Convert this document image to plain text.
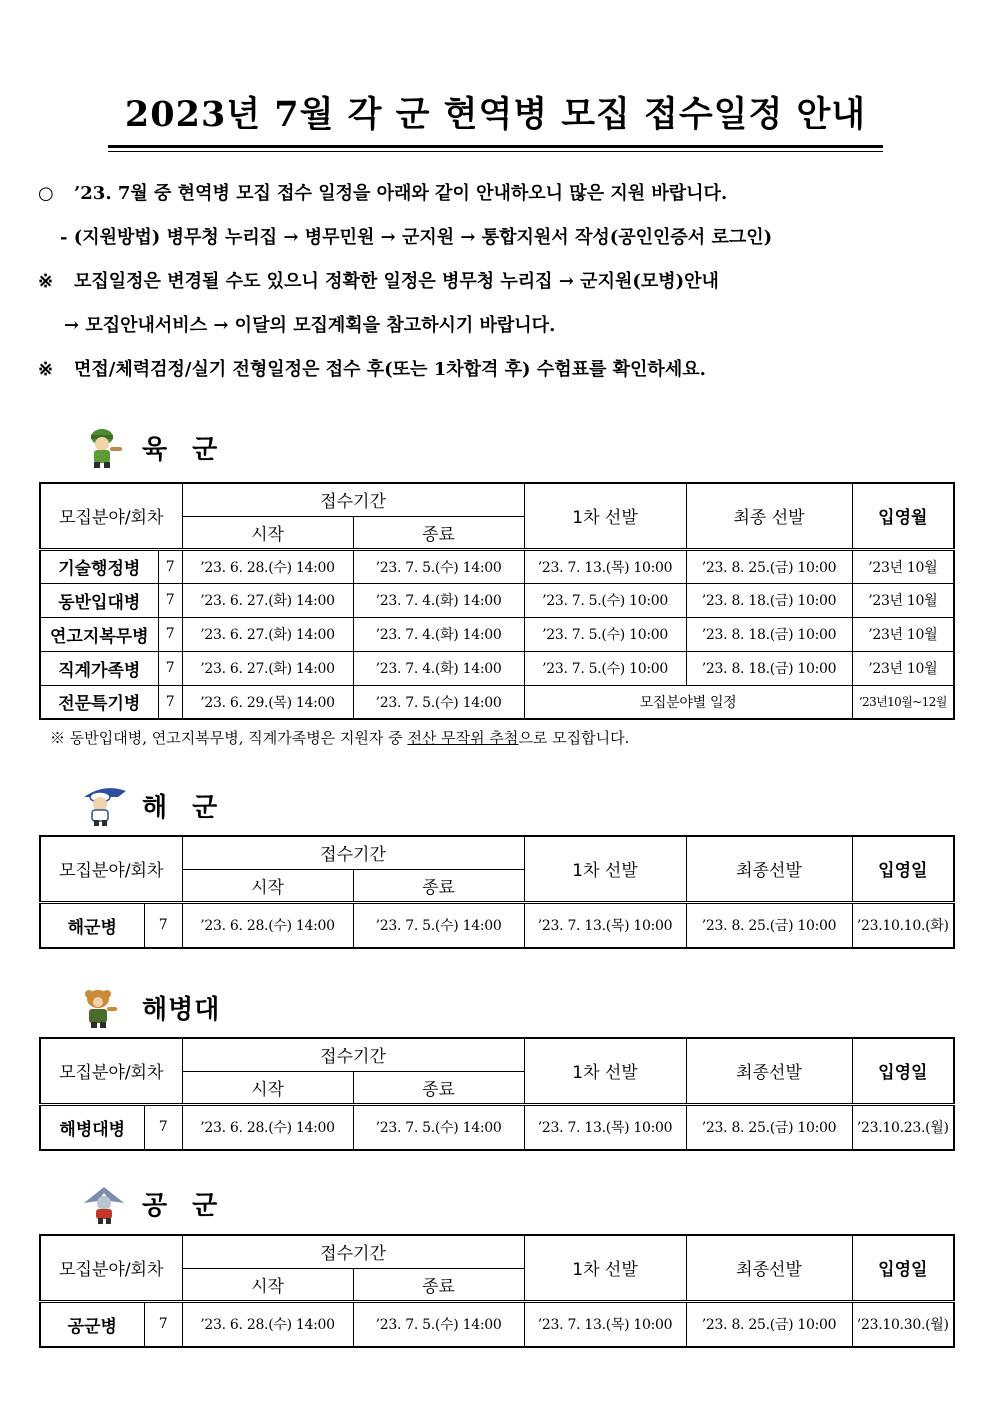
2023년 7월 각 군 현역병 모집 접수일정 안내
○ ’23. 7월 중 현역병 모집 접수 일정을 아래와 같이 안내하오니 많은 지원 바랍니다.
- (지원방법) 병무청 누리집 → 병무민원 → 군지원 → 통합지원서 작성(공인인증서 로그인)
※ 모집일정은 변경될 수도 있으니 정확한 일정은 병무청 누리집 → 군지원(모병)안내
→ 모집안내서비스 → 이달의 모집계획을 참고하시기 바랍니다.
※ 면접/체력검정/실기 전형일정은 접수 후(또는 1차합격 후) 수험표를 확인하세요.
육 군
모집분야/회차		접수기간		1차 선발	최종 선발	입영월
		시작	종료			
기술행정병	7	’23. 6. 28.(수) 14:00	’23. 7. 5.(수) 14:00	’23. 7. 13.(목) 10:00	’23. 8. 25.(금) 10:00	’23년 10월
동반입대병	7	’23. 6. 27.(화) 14:00	’23. 7. 4.(화) 14:00	’23. 7. 5.(수) 10:00	’23. 8. 18.(금) 10:00	’23년 10월
연고지복무병	7	’23. 6. 27.(화) 14:00	’23. 7. 4.(화) 14:00	’23. 7. 5.(수) 10:00	’23. 8. 18.(금) 10:00	’23년 10월
직계가족병	7	’23. 6. 27.(화) 14:00	’23. 7. 4.(화) 14:00	’23. 7. 5.(수) 10:00	’23. 8. 18.(금) 10:00	’23년 10월
전문특기병	7	’23. 6. 29.(목) 14:00	’23. 7. 5.(수) 14:00	모집분야별 일정		’23년10월~12월
※ 동반입대병, 연고지복무병, 직계가족병은 지원자 중 전산 무작위 추첨으로 모집합니다.
해 군
모집분야/회차		접수기간		1차 선발	최종선발	입영일
		시작	종료			
해군병	7	’23. 6. 28.(수) 14:00	’23. 7. 5.(수) 14:00	’23. 7. 13.(목) 10:00	’23. 8. 25.(금) 10:00	’23.10.10.(화)
해병대
모집분야/회차		접수기간		1차 선발	최종선발	입영일
		시작	종료			
해병대병	7	’23. 6. 28.(수) 14:00	’23. 7. 5.(수) 14:00	’23. 7. 13.(목) 10:00	’23. 8. 25.(금) 10:00	’23.10.23.(월)
공 군
모집분야/회차		접수기간		1차 선발	최종선발	입영일
		시작	종료			
공군병	7	’23. 6. 28.(수) 14:00	’23. 7. 5.(수) 14:00	’23. 7. 13.(목) 10:00	’23. 8. 25.(금) 10:00	’23.10.30.(월)
